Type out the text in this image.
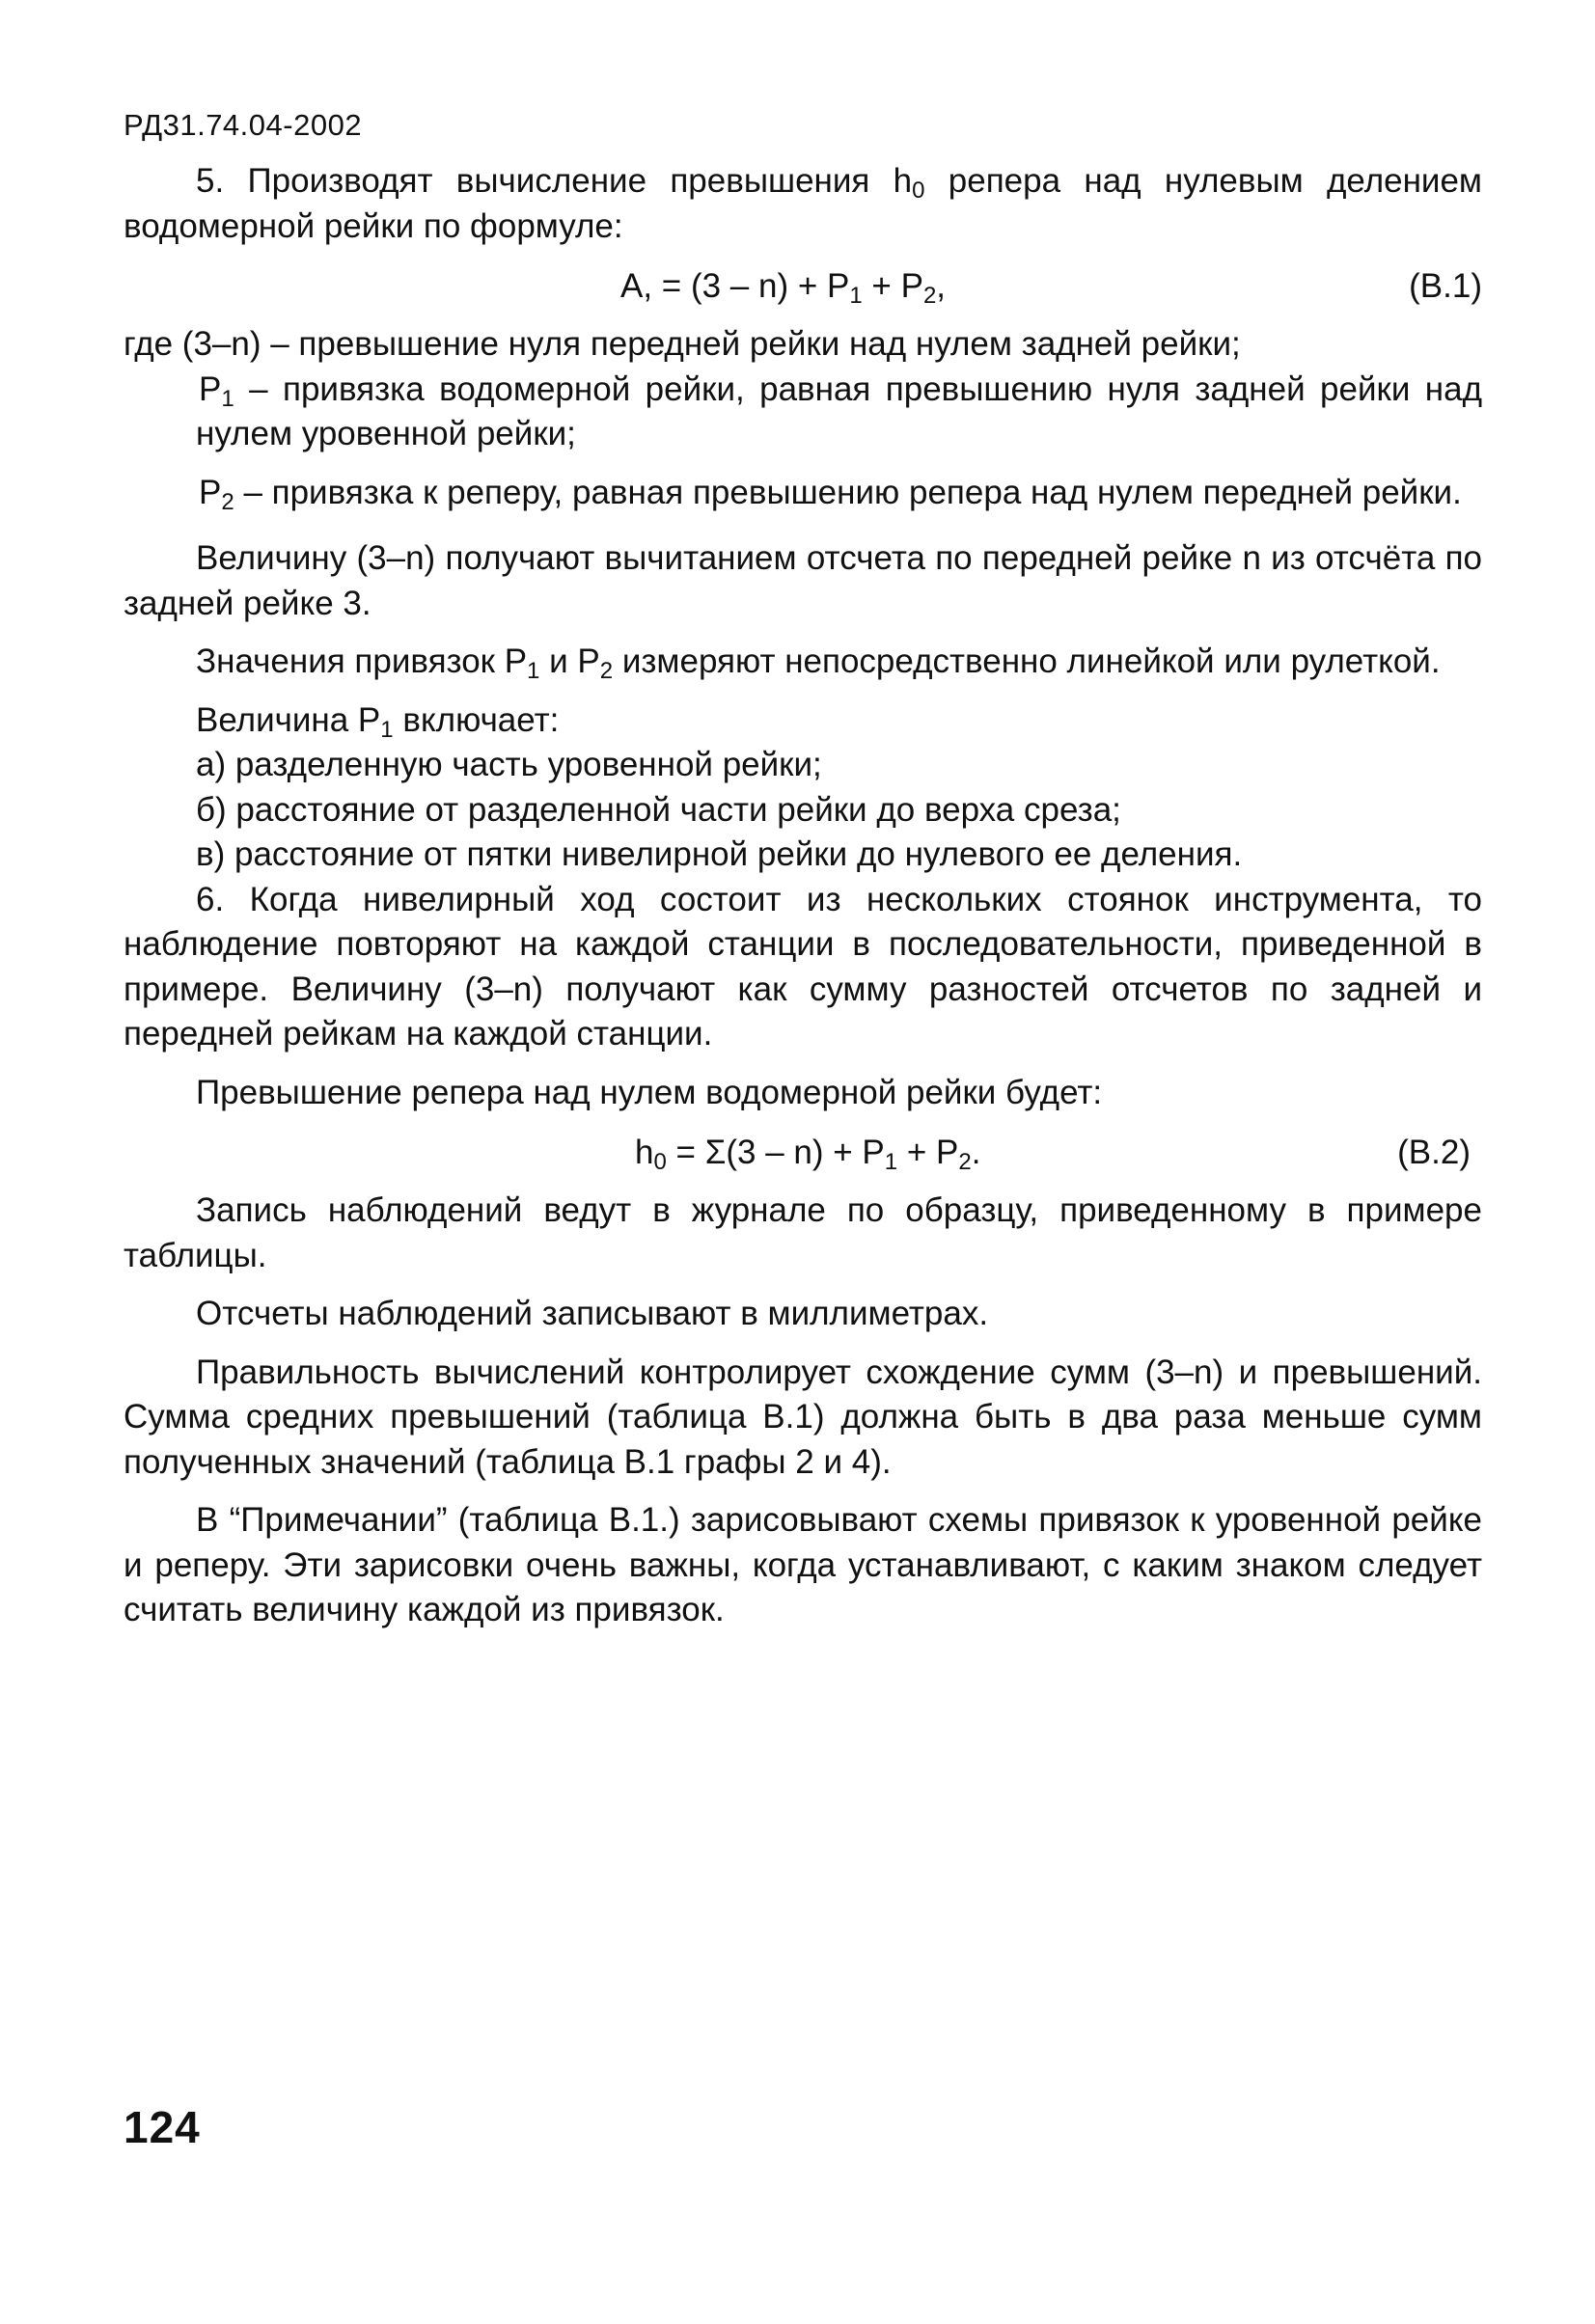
РД31.74.04-2002

5. Производят вычисление превышения $h_0$ репера над нулевым делением водомерной рейки по формуле:

A, = $(3 - n) + P_1 + P_2$,	(B.1)

где (3–n) – превышение нуля передней рейки над нулем задней рейки;

$P_1$ – привязка водомерной рейки, равная превышению нуля задней рейки над нулем уровенной рейки;

$P_2$ – привязка к реперу, равная превышению репера над нулем передней рейки.

Величину (3–n) получают вычитанием отсчета по передней рейке n из отсчёта по задней рейке 3.

Значения привязок $P_1$ и $P_2$ измеряют непосредственно линейкой или рулеткой.

Величина $P_1$ включает:

а) разделенную часть уровенной рейки;

б) расстояние от разделенной части рейки до верха среза;

в) расстояние от пятки нивелирной рейки до нулевого ее деления.

6. Когда нивелирный ход состоит из нескольких стоянок инструмента, то наблюдение повторяют на каждой станции в последовательности, приведенной в примере. Величину (3–n) получают как сумму разностей отсчетов по задней и передней рейкам на каждой станции.

Превышение репера над нулем водомерной рейки будет:

$h_0 = \Sigma(3 - n) + P_1 + P_2$.	(B.2)

Запись наблюдений ведут в журнале по образцу, приведенному в примере таблицы.

Отсчеты наблюдений записывают в миллиметрах.

Правильность вычислений контролирует схождение сумм (3–n) и превышений. Сумма средних превышений (таблица В.1) должна быть в два раза меньше сумм полученных значений (таблица В.1 графы 2 и 4).

В “Примечании” (таблица В.1.) зарисовывают схемы привязок к уровенной рейке и реперу. Эти зарисовки очень важны, когда устанавливают, с каким знаком следует считать величину каждой из привязок.

124
